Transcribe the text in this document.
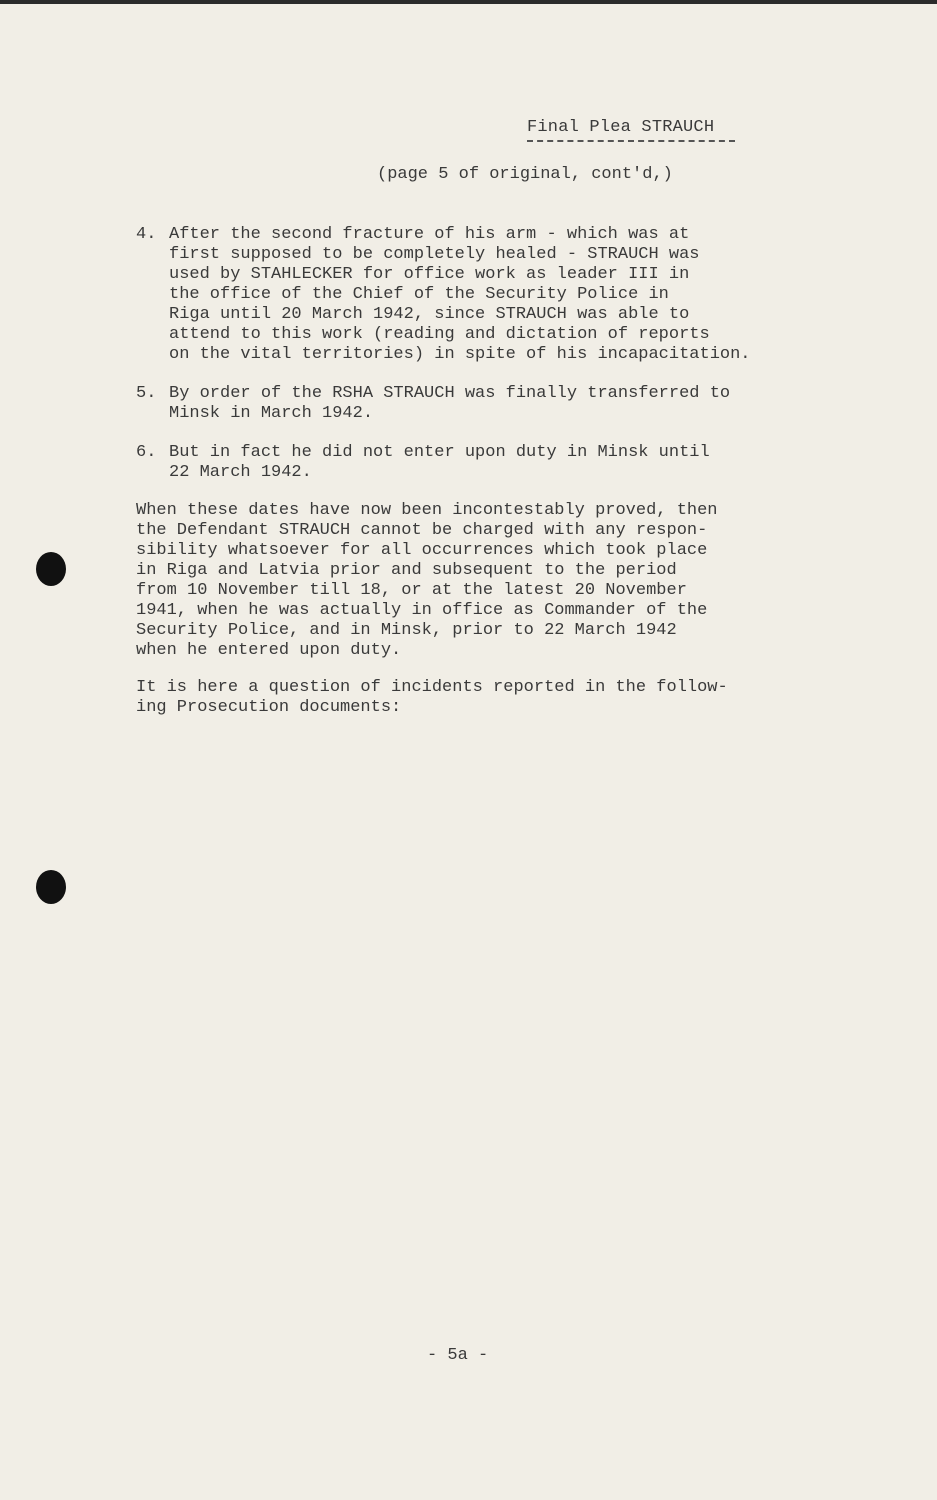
Final Plea STRAUCH
(page 5 of original, cont'd,)
4. After the second fracture of his arm - which was at
first supposed to be completely healed - STRAUCH was
used by STAHLECKER for office work as leader III in
the office of the Chief of the Security Police in
Riga until 20 March 1942, since STRAUCH was able to
attend to this work (reading and dictation of reports
on the vital territories) in spite of his incapacitation.
5. By order of the RSHA STRAUCH was finally transferred to
Minsk in March 1942.
6. But in fact he did not enter upon duty in Minsk until
22 March 1942.
When these dates have now been incontestably proved, then
the Defendant STRAUCH cannot be charged with any respon-
sibility whatsoever for all occurrences which took place
in Riga and Latvia prior and subsequent to the period
from 10 November till 18, or at the latest 20 November
1941, when he was actually in office as Commander of the
Security Police, and in Minsk, prior to 22 March 1942
when he entered upon duty.
It is here a question of incidents reported in the follow-
ing Prosecution documents:
- 5a -
